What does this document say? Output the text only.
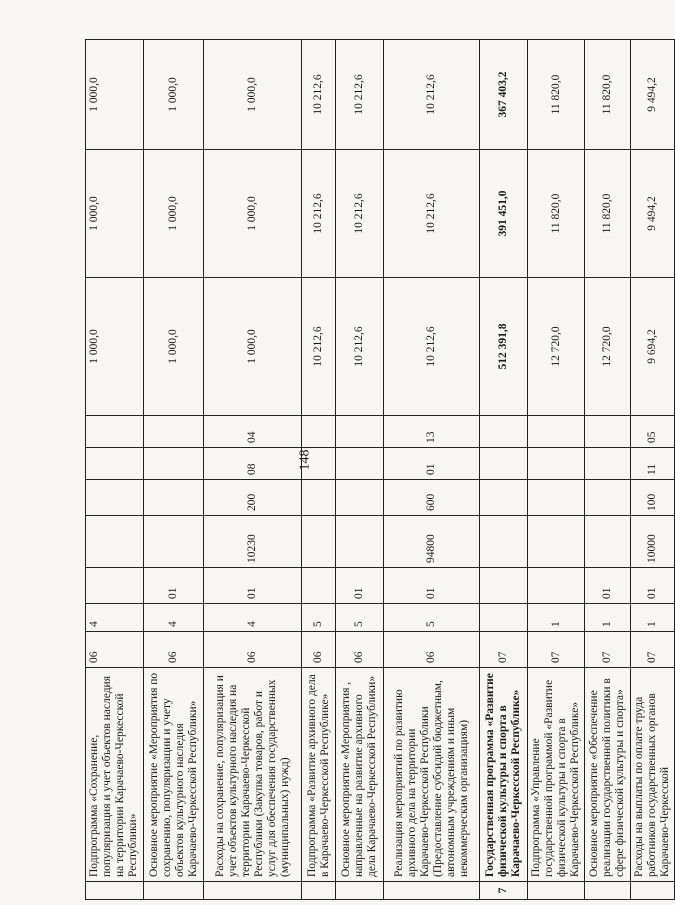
148
	Подпрограмма «Сохранение, популяризация и учет объектов наследия на территории Карачаево-Черкесской Республики»	06	4						1 000,0	1 000,0	1 000,0
	Основное мероприятие «Мероприятия по сохранению, популяризации и учету объектов культурного наследия Карачаево-Черкесской Республики»	06	4	01					1 000,0	1 000,0	1 000,0
	Расходы на сохранение, популяризация и учет объектов культурного наследия на территории Карачаево-Черкесской Республики (Закупка товаров, работ и услуг для обеспечения государственных (муниципальных) нужд)	06	4	01	10230	200	08	04	1 000,0	1 000,0	1 000,0
	Подпрограмма «Развитие архивного дела в Карачаево-Черкесской Республике»	06	5						10 212,6	10 212,6	10 212,6
	Основное мероприятие «Мероприятия , направленные на развитие архивного дела Карачаево-Черкесской Республики»	06	5	01					10 212,6	10 212,6	10 212,6
	Реализация мероприятий по развитию архивного дела на территории Карачаево-Черкесской Республики (Предоставление субсидий бюджетным, автономным учреждениям и иным некоммерческим организациям)	06	5	01	94800	600	01	13	10 212,6	10 212,6	10 212,6
7	Государственная программа «Развитие физической культуры и спорта в Карачаево-Черкесской Республике»	07							512 391,8	391 451,0	367 403,2
	Подпрограмма «Управление государственной программой «Развитие физической культуры и спорта в Карачаево-Черкесской Республике»	07	1						12 720,0	11 820,0	11 820,0
	Основное мероприятие «Обеспечение реализации государственной политики в сфере физической культуры и спорта»	07	1	01					12 720,0	11 820,0	11 820,0
	Расходы на выплаты по оплате труда работников государственных органов Карачаево-Черкесской	07	1	01	10000	100	11	05	9 694,2	9 494,2	9 494,2
